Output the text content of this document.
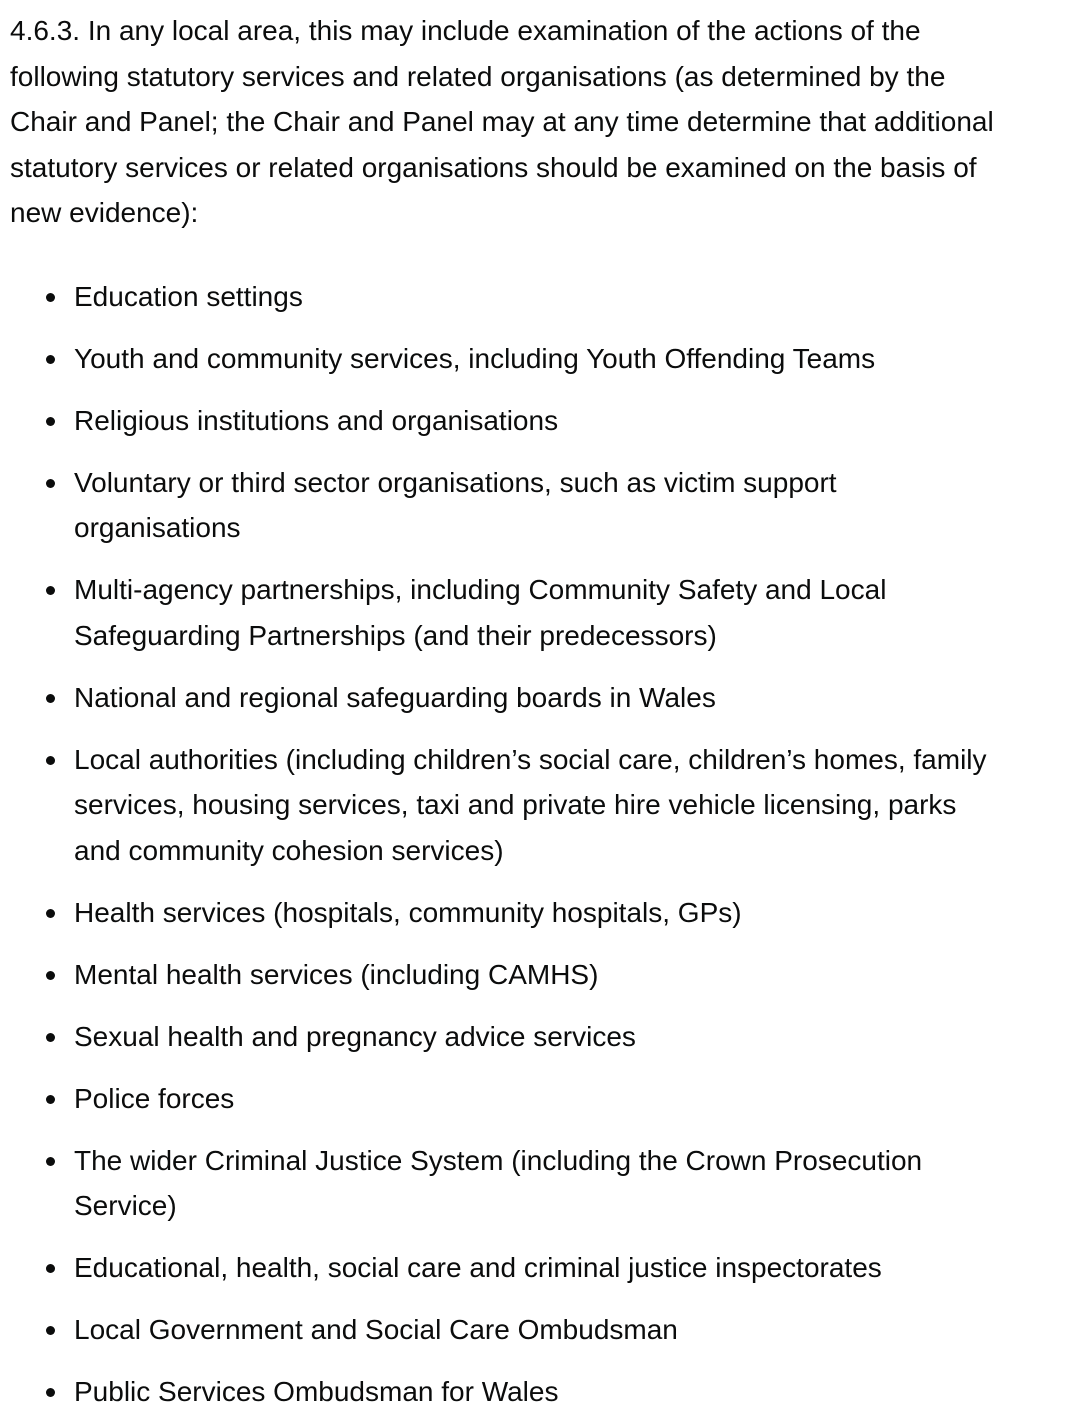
4.6.3. In any local area, this may include examination of the actions of the following statutory services and related organisations (as determined by the Chair and Panel; the Chair and Panel may at any time determine that additional statutory services or related organisations should be examined on the basis of new evidence):

Education settings
Youth and community services, including Youth Offending Teams
Religious institutions and organisations
Voluntary or third sector organisations, such as victim support organisations
Multi-agency partnerships, including Community Safety and Local Safeguarding Partnerships (and their predecessors)
National and regional safeguarding boards in Wales
Local authorities (including children’s social care, children’s homes, family services, housing services, taxi and private hire vehicle licensing, parks and community cohesion services)
Health services (hospitals, community hospitals, GPs)
Mental health services (including CAMHS)
Sexual health and pregnancy advice services
Police forces
The wider Criminal Justice System (including the Crown Prosecution Service)
Educational, health, social care and criminal justice inspectorates
Local Government and Social Care Ombudsman
Public Services Ombudsman for Wales
